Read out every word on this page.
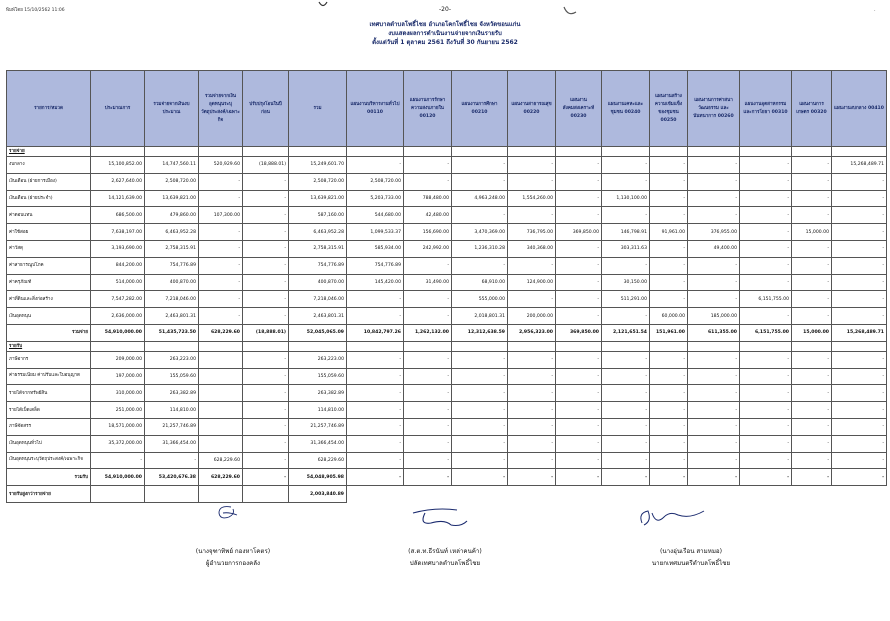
พิมพ์โดย 15/10/2562 11:06	-20-	·
เทศบาลตำบลโพธิ์ไชย อำเภอโคกโพธิ์ไชย จังหวัดขอนแก่น
งบแสดงผลการดำเนินงานจ่ายจากเงินรายรับ
ตั้งแต่วันที่ 1 ตุลาคม 2561 ถึงวันที่ 30 กันยายน 2562
รายการ/หมวด	ประมาณการ	รวมจ่ายจากเงินงบประมาณ	รวมจ่ายจากเงินอุดหนุนระบุวัตถุประสงค์/เฉพาะกิจ	ปรับปรุงโอนในปีก่อน	รวม	แผนงานบริหารงานทั่วไป 00110	แผนงานการรักษาความสงบภายใน 00120	แผนงานการศึกษา 00210	แผนงานสาธารณสุข 00220	แผนงานสังคมสงเคราะห์ 00230	แผนงานเคหะและชุมชน 00240	แผนงานสร้างความเข้มแข็งของชุมชน 00250	แผนงานการศาสนา วัฒนธรรม และนันทนาการ 00260	แผนงานอุตสาหกรรมและการโยธา 00310	แผนงานการเกษตร 00320	แผนงานงบกลาง 00410
รายจ่าย																
งบกลาง	15,100,852.00	14,747,560.11	520,929.60	(18,888.01)	15,249,601.70	-	-	-	-	-	-	-	-	-	-	15,268,489.71
เงินเดือน (ฝ่ายการเมือง)	2,627,640.00	2,508,720.00	-	-	2,508,720.00	2,508,720.00	-	-	-	-	-	-	-	-	-	-
เงินเดือน (ฝ่ายประจำ)	14,121,639.00	13,639,821.00	-	-	13,639,821.00	5,203,733.00	788,480.00	4,963,248.00	1,554,260.00	-	1,130,100.00	-	-	-	-	-
ค่าตอบแทน	686,500.00	479,860.00	107,300.00	-	587,160.00	544,680.00	42,480.00	-	-	-	-	-	-	-	-	-
ค่าใช้สอย	7,638,197.00	6,463,952.28	-	-	6,463,952.28	1,099,533.37	156,690.00	3,470,369.00	736,795.00	369,850.00	146,798.91	91,961.00	376,955.00	-	15,000.00	-
ค่าวัสดุ	3,193,690.00	2,758,315.91	-	-	2,758,315.91	585,934.00	242,992.00	1,236,310.28	340,368.00	-	303,311.63	-	49,400.00	-	-	-
ค่าสาธารณูปโภค	844,200.00	754,776.89	-	-	754,776.89	754,776.89	-	-	-	-	-	-	-	-	-	-
ค่าครุภัณฑ์	514,000.00	400,870.00	-	-	400,870.00	145,420.00	31,490.00	68,910.00	124,900.00	-	30,150.00	-	-	-	-	-
ค่าที่ดินและสิ่งก่อสร้าง	7,547,282.00	7,218,046.00	-	-	7,218,046.00	-	-	555,000.00	-	-	511,291.00	-	-	6,151,755.00	-	-
เงินอุดหนุน	2,636,000.00	2,463,801.31	-	-	2,463,801.31	-	-	2,018,801.31	200,000.00	-	-	60,000.00	185,000.00	-	-	-
รวมจ่าย	54,910,000.00	51,435,723.50	628,229.60	(18,888.01)	52,045,065.09	10,842,797.26	1,262,132.00	12,312,638.59	2,956,323.00	369,850.00	2,121,651.54	151,961.00	611,355.00	6,151,755.00	15,000.00	15,268,489.71
รายรับ																
ภาษีอากร	209,000.00	263,223.00		-	263,223.00	-	-	-	-	-	-	-	-	-	-	-
ค่าธรรมเนียม ค่าปรับและใบอนุญาต	197,000.00	155,059.60		-	155,059.60	-	-	-	-	-	-	-	-	-	-	-
รายได้จากทรัพย์สิน	310,000.00	263,382.89		-	263,382.89	-	-	-	-	-	-	-	-	-	-	-
รายได้เบ็ดเตล็ด	251,000.00	114,810.00		-	114,810.00	-	-	-	-	-	-	-	-	-	-	-
ภาษีจัดสรร	18,571,000.00	21,257,746.89		-	21,257,746.89	-	-	-	-	-	-	-	-	-	-	-
เงินอุดหนุนทั่วไป	35,372,000.00	31,366,454.00		-	31,366,454.00	-	-	-	-	-	-	-	-	-	-	-
เงินอุดหนุนระบุวัตถุประสงค์/เฉพาะกิจ	-	-	628,229.60	-	628,229.60	-	-	-	-	-	-	-	-	-	-	-
รวมรับ	54,910,000.00	53,420,676.38	628,229.60	-	54,048,905.98	-	-	-	-	-	-	-	-	-	-	-
รายรับสูงกว่ารายจ่าย					2,003,840.89											
(นางจุฑาทิพย์ กองหาโคตร)
ผู้อำนวยการกองคลัง
(ส.ต.ท.ธีรนันท์ เหล่าคนค้า)
ปลัดเทศบาลตำบลโพธิ์ไชย
(นางอุ่นเรือน สามหมอ)
นายกเทศมนตรีตำบลโพธิ์ไชย
